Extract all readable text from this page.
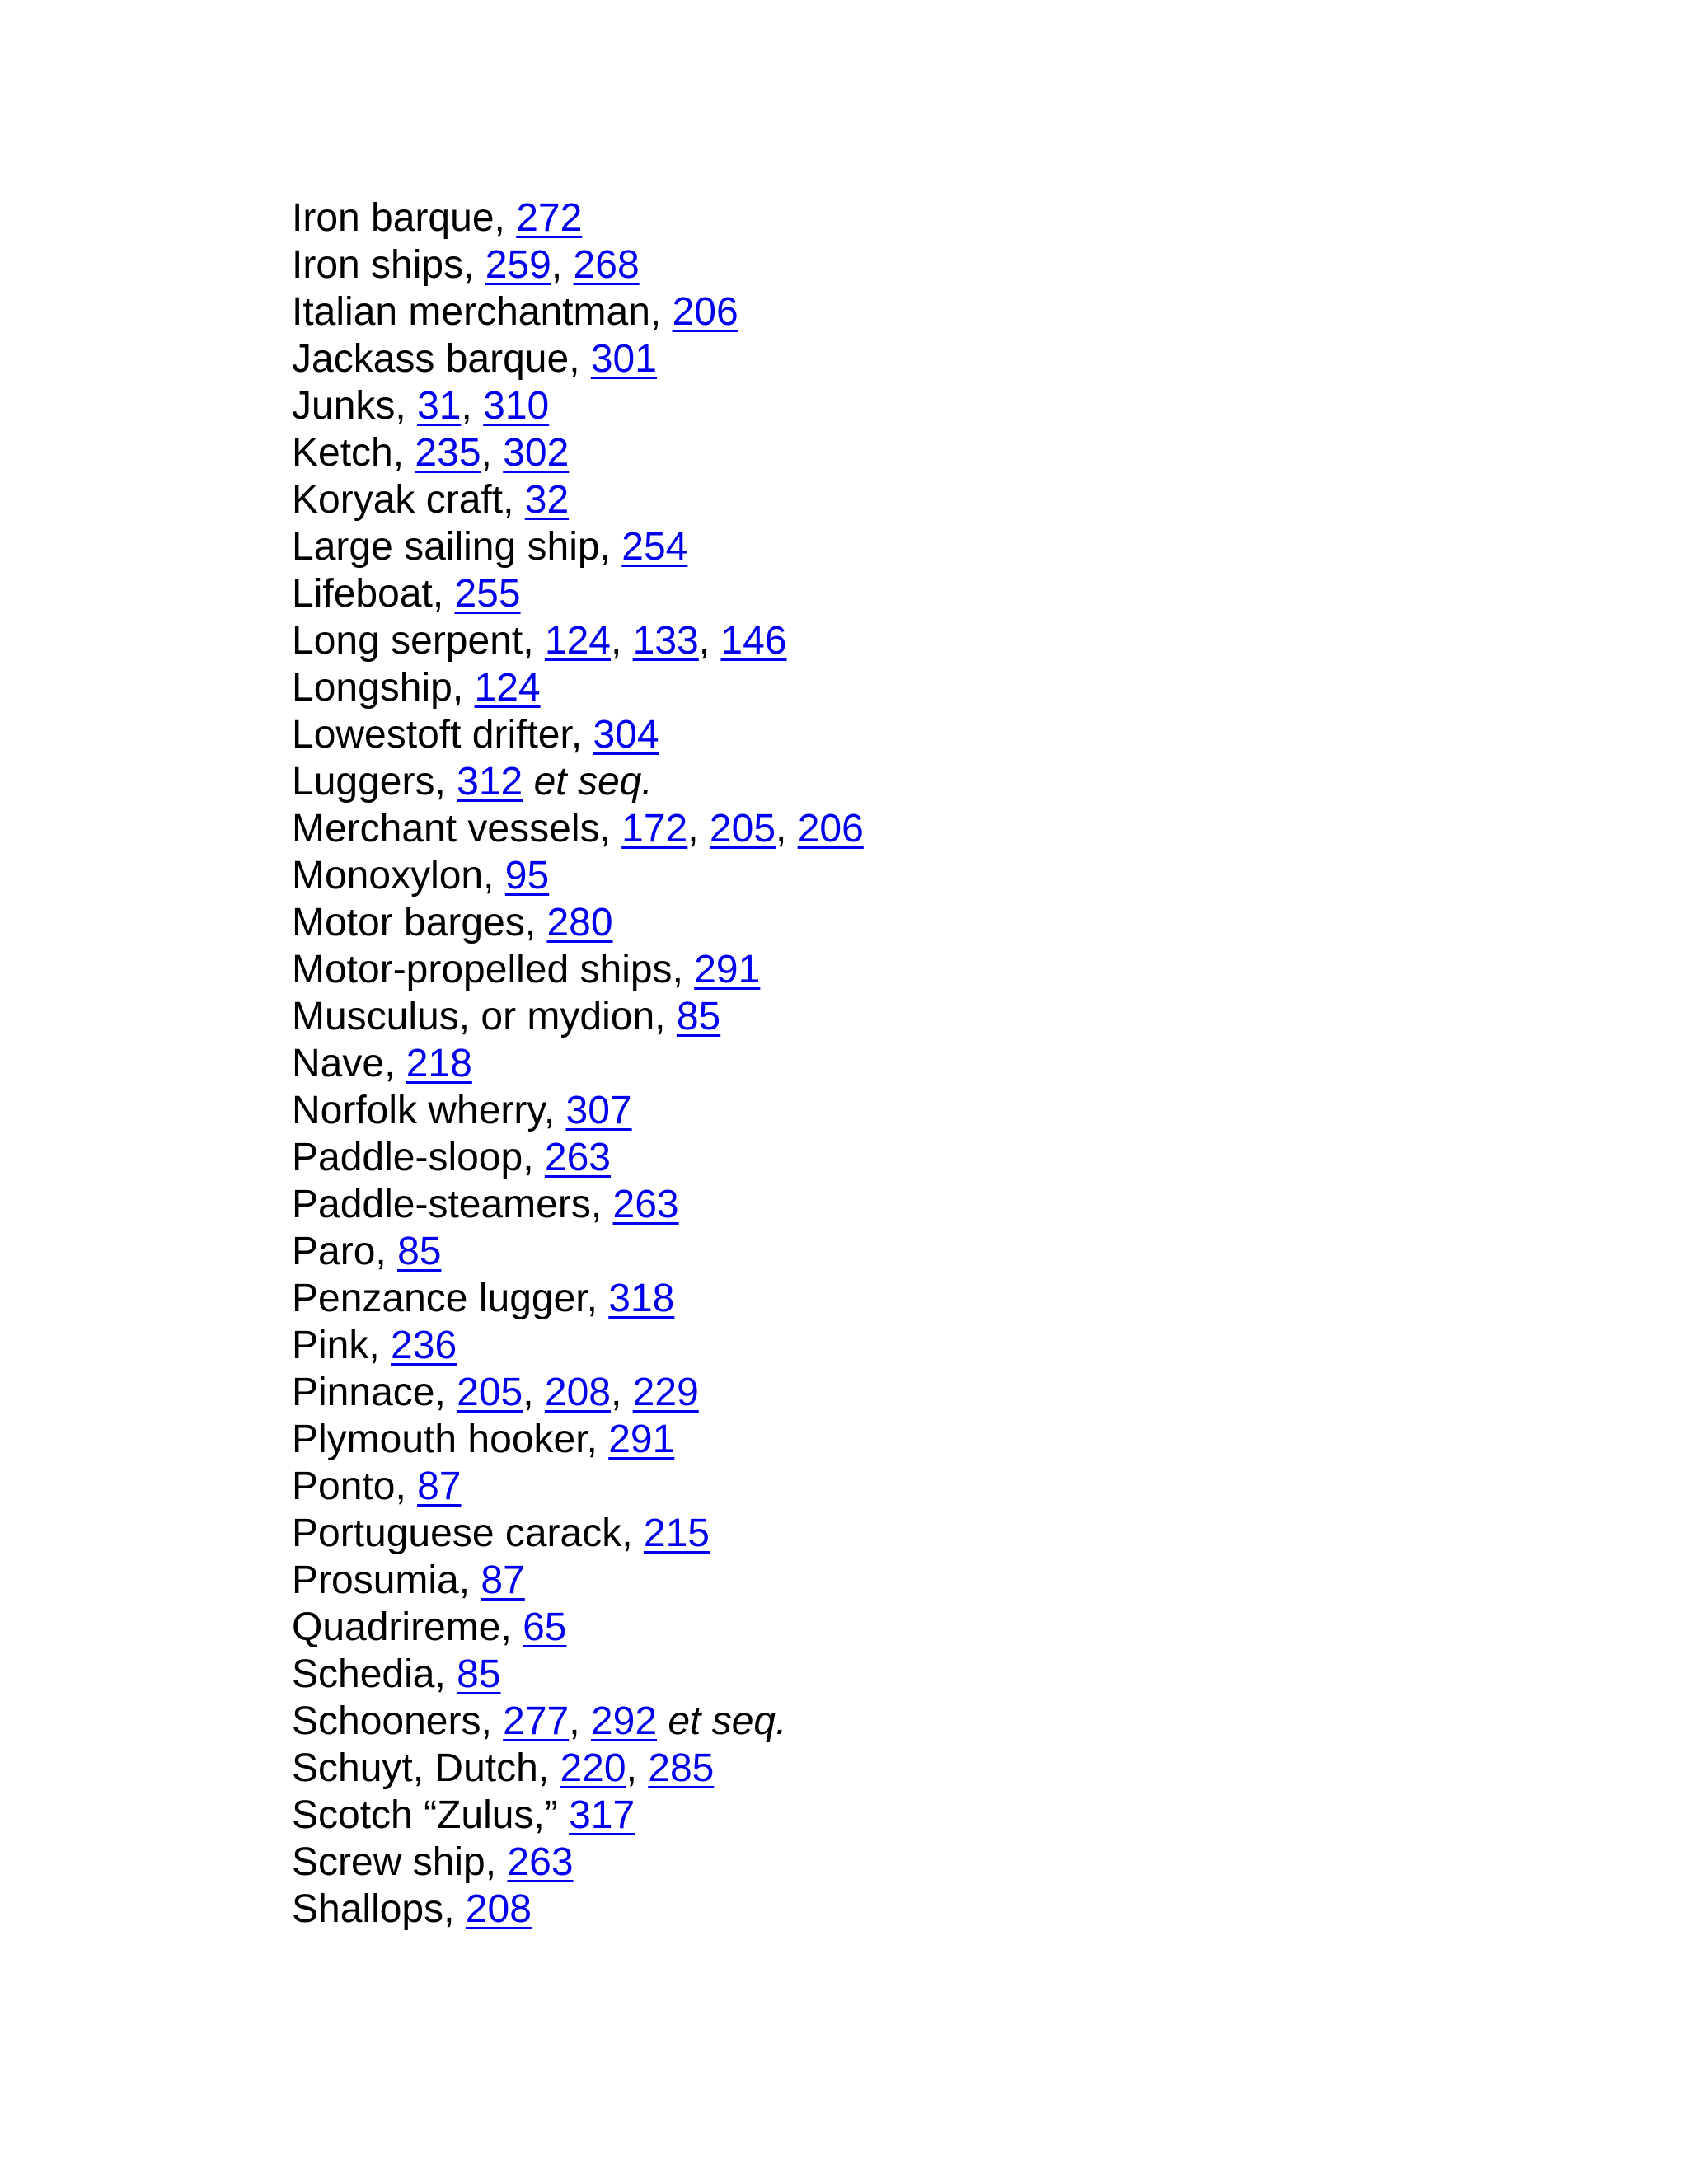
Iron barque, 272
Iron ships, 259, 268
Italian merchantman, 206
Jackass barque, 301
Junks, 31, 310
Ketch, 235, 302
Koryak craft, 32
Large sailing ship, 254
Lifeboat, 255
Long serpent, 124, 133, 146
Longship, 124
Lowestoft drifter, 304
Luggers, 312 et seq.
Merchant vessels, 172, 205, 206
Monoxylon, 95
Motor barges, 280
Motor-propelled ships, 291
Musculus, or mydion, 85
Nave, 218
Norfolk wherry, 307
Paddle-sloop, 263
Paddle-steamers, 263
Paro, 85
Penzance lugger, 318
Pink, 236
Pinnace, 205, 208, 229
Plymouth hooker, 291
Ponto, 87
Portuguese carack, 215
Prosumia, 87
Quadrireme, 65
Schedia, 85
Schooners, 277, 292 et seq.
Schuyt, Dutch, 220, 285
Scotch “Zulus,” 317
Screw ship, 263
Shallops, 208
